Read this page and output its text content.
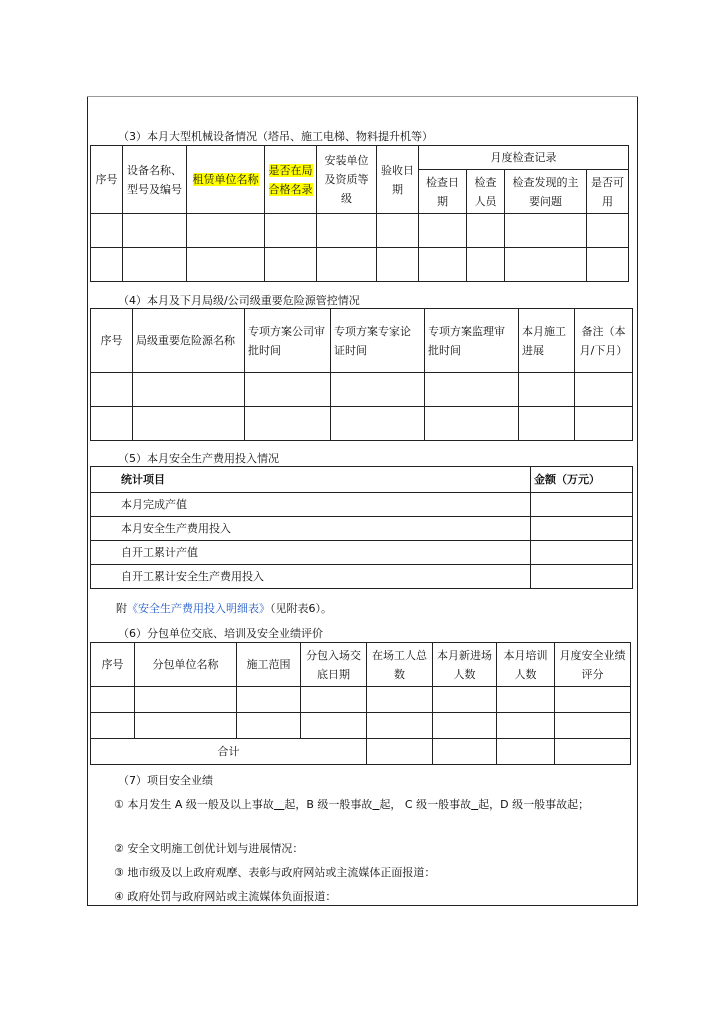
（3）本月大型机械设备情况（塔吊、施工电梯、物料提升机等）
序号	设备名称、型号及编号	租赁单位名称	是否在局合格名录	安装单位及资质等级	验收日期	月度检查记录			
						检查日期	检查人员	检查发现的主要问题	是否可用

（4）本月及下月局级/公司级重要危险源管控情况
序号	局级重要危险源名称	专项方案公司审批时间	专项方案专家论证时间	专项方案监理审批时间	本月施工进展	备注（本月/下月）

（5）本月安全生产费用投入情况
统计项目	金额（万元）
本月完成产值	
本月安全生产费用投入	
自开工累计产值	
自开工累计安全生产费用投入	
附《安全生产费用投入明细表》（见附表6）。
（6）分包单位交底、培训及安全业绩评价
序号	分包单位名称	施工范围	分包入场交底日期	在场工人总数	本月新进场人数	本月培训人数	月度安全业绩评分

合计							
（7）项目安全业绩
① 本月发生 A 级一般及以上事故 起，B 级一般事故 起， C 级一般事故 起，D 级一般事故起；
② 安全文明施工创优计划与进展情况：
③ 地市级及以上政府观摩、表彰与政府网站或主流媒体正面报道：
④ 政府处罚与政府网站或主流媒体负面报道：
